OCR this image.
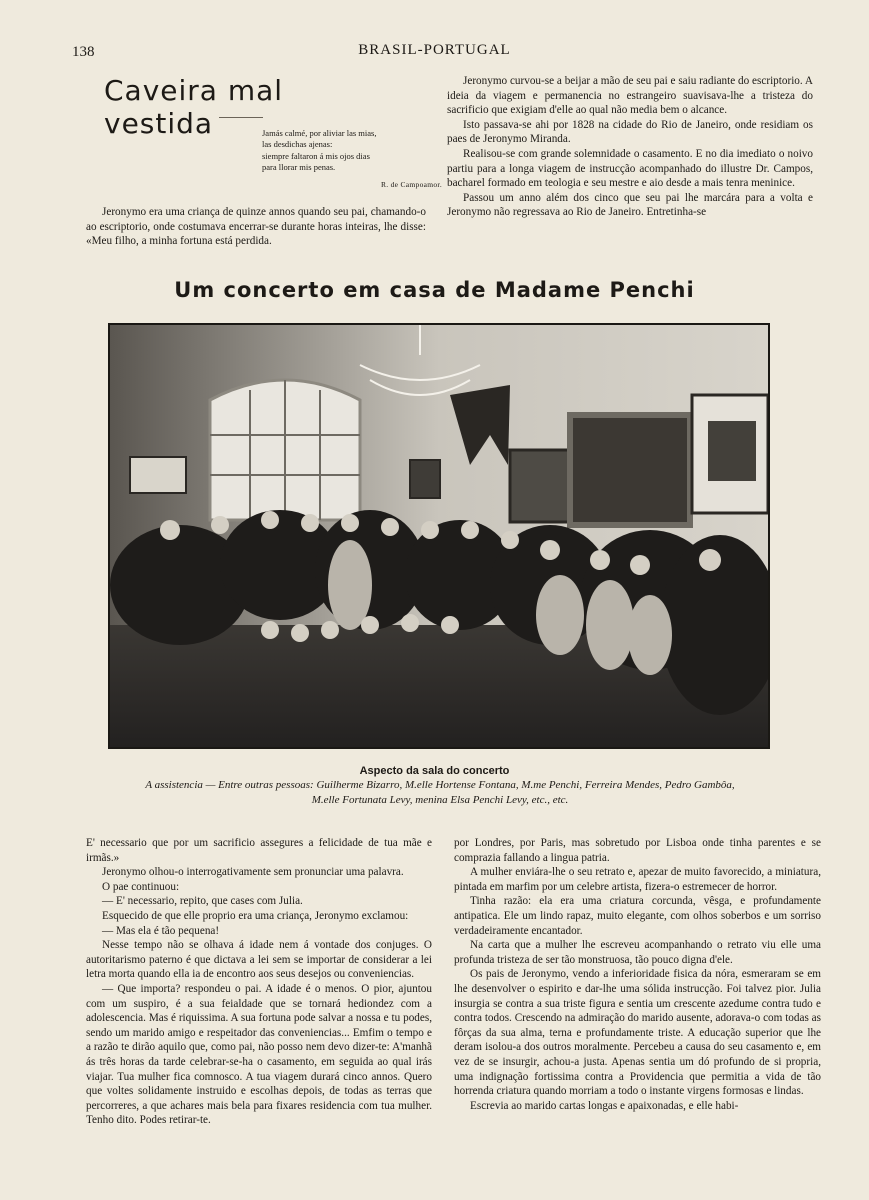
138	BRASIL-PORTUGAL
Caveira mal vestida	Jamás calmé, por aliviar las mias,
las desdichas ajenas:
siempre faltaron á mis ojos dias
para llorar mis penas.
R. de Campoamor.

Jeronymo era uma criança de quinze annos quando seu pai, chamando-o ao escriptorio, onde costumava encerrar-se durante horas inteiras, lhe disse: «Meu filho, a minha fortuna está perdida.

Jeronymo curvou-se a beijar a mão de seu pai e saiu radiante do escriptorio. A ideia da viagem e permanencia no estrangeiro suavisava-lhe a tristeza do sacrificio que exigiam d'elle ao qual não media bem o alcance.

Isto passava-se ahi por 1828 na cidade do Rio de Janeiro, onde residiam os paes de Jeronymo Miranda.

Realisou-se com grande solemnidade o casamento. E no dia imediato o noivo partiu para a longa viagem de instrucção acompanhado do illustre Dr. Campos, bacharel formado em teologia e seu mestre e aio desde a mais tenra meninice.

Passou um anno além dos cinco que seu pai lhe marcára para a volta e Jeronymo não regressava ao Rio de Janeiro. Entretinha-se

Um concerto em casa de Madame Penchi
Aspecto da sala do concerto
A assistencia — Entre outras pessoas: Guilherme Bizarro, M.elle Hortense Fontana, M.me Penchi, Ferreira Mendes, Pedro Gambôa,
M.elle Fortunata Levy, menina Elsa Penchi Levy, etc., etc.

E' necessario que por um sacrificio assegures a felicidade de tua mãe e irmãs.»

Jeronymo olhou-o interrogativamente sem pronunciar uma palavra.

O pae continuou:

— E' necessario, repito, que cases com Julia.

Esquecido de que elle proprio era uma criança, Jeronymo exclamou:

— Mas ela é tão pequena!

Nesse tempo não se olhava á idade nem á vontade dos conjuges. O autoritarismo paterno é que dictava a lei sem se importar de considerar a lei letra morta quando ella ia de encontro aos seus desejos ou conveniencias.

— Que importa? respondeu o pai. A idade é o menos. O pior, ajuntou com um suspiro, é a sua feialdade que se tornará hediondez com a adolescencia. Mas é riquissima. A sua fortuna pode salvar a nossa e tu podes, sendo um marido amigo e respeitador das conveniencias... Emfim o tempo e a razão te dirão aquilo que, como pai, não posso nem devo dizer-te: A'manhã ás três horas da tarde celebrar-se-ha o casamento, em seguida ao qual irás viajar. Tua mulher fica comnosco. A tua viagem durará cinco annos. Quero que voltes solidamente instruido e escolhas depois, de todas as terras que percorreres, a que achares mais bela para fixares residencia com tua mulher. Tenho dito. Podes retirar-te.

por Londres, por Paris, mas sobretudo por Lisboa onde tinha parentes e se comprazia fallando a lingua patria.

A mulher enviára-lhe o seu retrato e, apezar de muito favorecido, a miniatura, pintada em marfim por um celebre artista, fizera-o estremecer de horror.

Tinha razão: ela era uma criatura corcunda, vêsga, e profundamente antipatica. Ele um lindo rapaz, muito elegante, com olhos soberbos e um sorriso verdadeiramente encantador.

Na carta que a mulher lhe escreveu acompanhando o retrato viu elle uma profunda tristeza de ser tão monstruosa, tão pouco digna d'ele.

Os pais de Jeronymo, vendo a inferioridade fisica da nóra, esmeraram se em lhe desenvolver o espirito e dar-lhe uma sólida instrucção. Foi talvez pior. Julia insurgia se contra a sua triste figura e sentia um crescente azedume contra tudo e contra todos. Crescendo na admiração do marido ausente, adorava-o com todas as fôrças da sua alma, terna e profundamente triste. A educação superior que lhe deram isolou-a dos outros moralmente. Percebeu a causa do seu casamento e, em vez de se insurgir, achou-a justa. Apenas sentia um dó profundo de si propria, uma indignação fortissima contra a Providencia que permitia a vida de tão horrenda criatura quando morriam a todo o instante virgens formosas e lindas.

Escrevia ao marido cartas longas e apaixonadas, e elle habi-
